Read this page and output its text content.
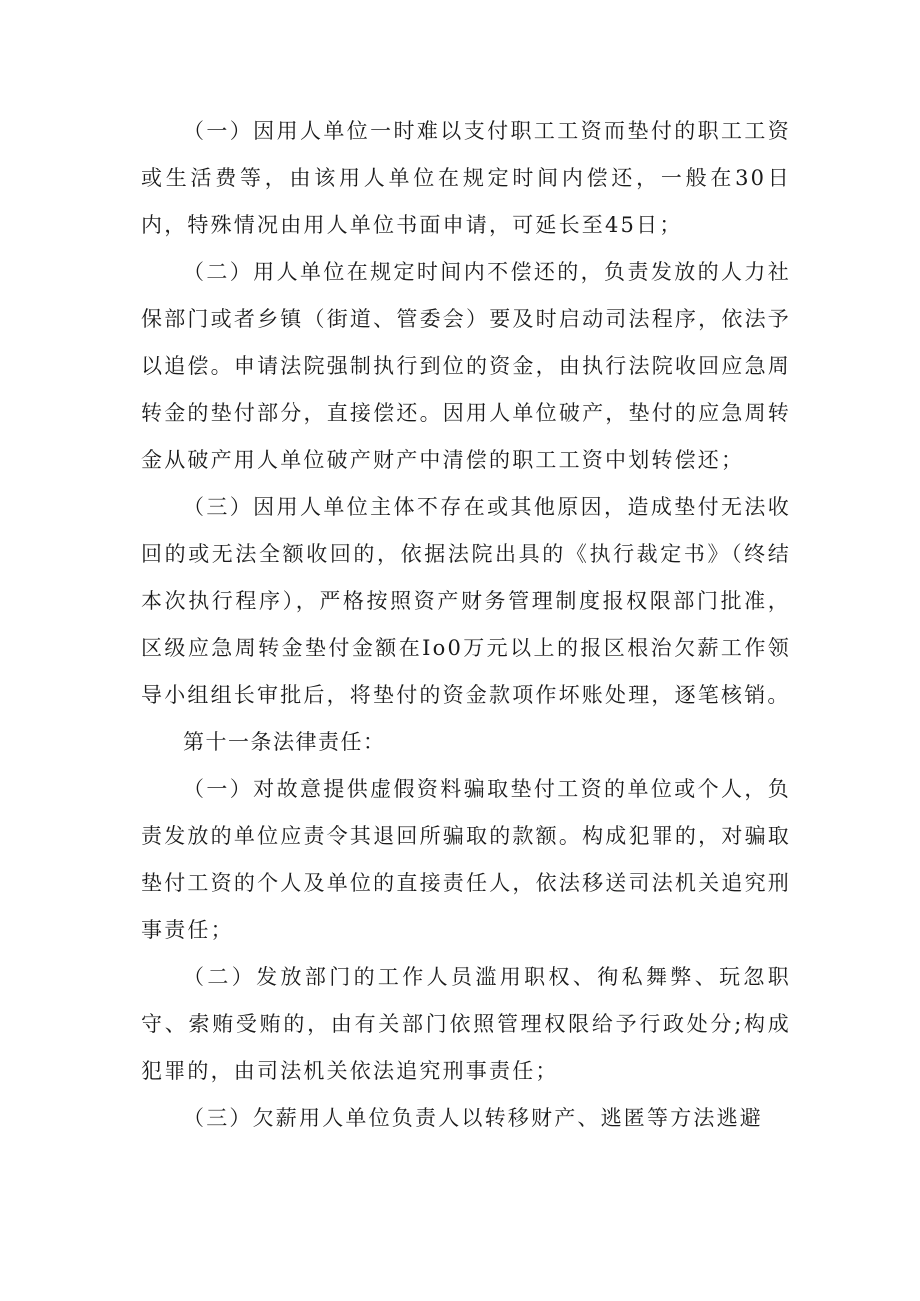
（一）因用人单位一时难以支付职工工资而垫付的职工工资或生活费等，由该用人单位在规定时间内偿还，一般在30日内，特殊情况由用人单位书面申请，可延长至45日；

（二）用人单位在规定时间内不偿还的，负责发放的人力社保部门或者乡镇（街道、管委会）要及时启动司法程序，依法予以追偿。申请法院强制执行到位的资金，由执行法院收回应急周转金的垫付部分，直接偿还。因用人单位破产，垫付的应急周转金从破产用人单位破产财产中清偿的职工工资中划转偿还；

（三）因用人单位主体不存在或其他原因，造成垫付无法收回的或无法全额收回的，依据法院出具的《执行裁定书》（终结本次执行程序），严格按照资产财务管理制度报权限部门批准，区级应急周转金垫付金额在Io0万元以上的报区根治欠薪工作领导小组组长审批后，将垫付的资金款项作坏账处理，逐笔核销。

第十一条法律责任：

（一）对故意提供虚假资料骗取垫付工资的单位或个人，负责发放的单位应责令其退回所骗取的款额。构成犯罪的，对骗取垫付工资的个人及单位的直接责任人，依法移送司法机关追究刑事责任；

（二）发放部门的工作人员滥用职权、徇私舞弊、玩忽职守、索贿受贿的，由有关部门依照管理权限给予行政处分;构成犯罪的，由司法机关依法追究刑事责任；

（三）欠薪用人单位负责人以转移财产、逃匿等方法逃避
